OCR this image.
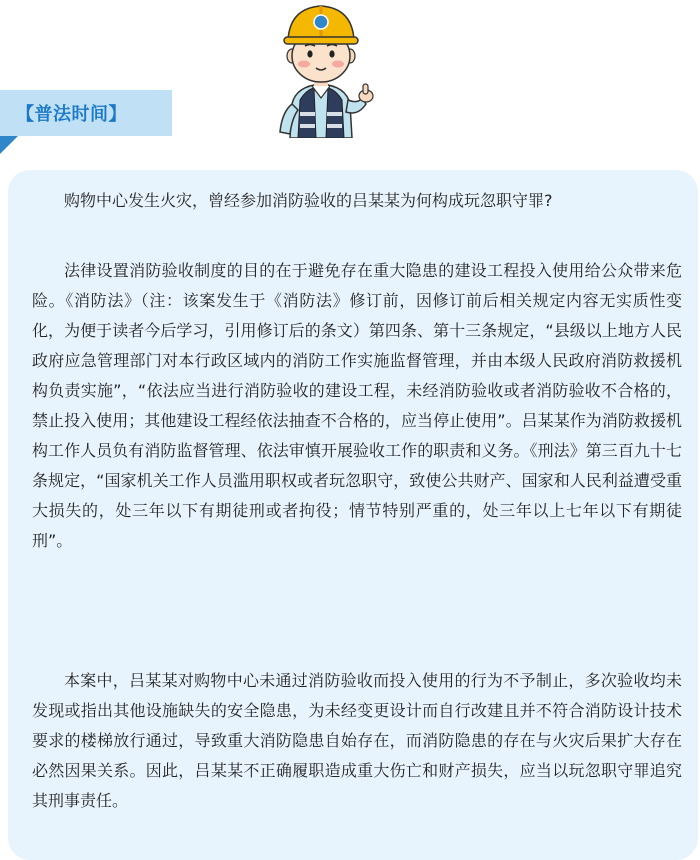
【普法时间】

购物中心发生火灾，曾经参加消防验收的吕某某为何构成玩忽职守罪?

法律设置消防验收制度的目的在于避免存在重大隐患的建设工程投入使用给公众带来危险。《消防法》（注：该案发生于《消防法》修订前，因修订前后相关规定内容无实质性变化，为便于读者今后学习，引用修订后的条文）第四条、第十三条规定，“县级以上地方人民政府应急管理部门对本行政区域内的消防工作实施监督管理，并由本级人民政府消防救援机构负责实施”，“依法应当进行消防验收的建设工程，未经消防验收或者消防验收不合格的，禁止投入使用；其他建设工程经依法抽查不合格的，应当停止使用”。吕某某作为消防救援机构工作人员负有消防监督管理、依法审慎开展验收工作的职责和义务。《刑法》第三百九十七条规定，“国家机关工作人员滥用职权或者玩忽职守，致使公共财产、国家和人民利益遭受重大损失的，处三年以下有期徒刑或者拘役；情节特别严重的，处三年以上七年以下有期徒刑”。

本案中，吕某某对购物中心未通过消防验收而投入使用的行为不予制止，多次验收均未发现或指出其他设施缺失的安全隐患，为未经变更设计而自行改建且并不符合消防设计技术要求的楼梯放行通过，导致重大消防隐患自始存在，而消防隐患的存在与火灾后果扩大存在必然因果关系。因此，吕某某不正确履职造成重大伤亡和财产损失，应当以玩忽职守罪追究其刑事责任。
